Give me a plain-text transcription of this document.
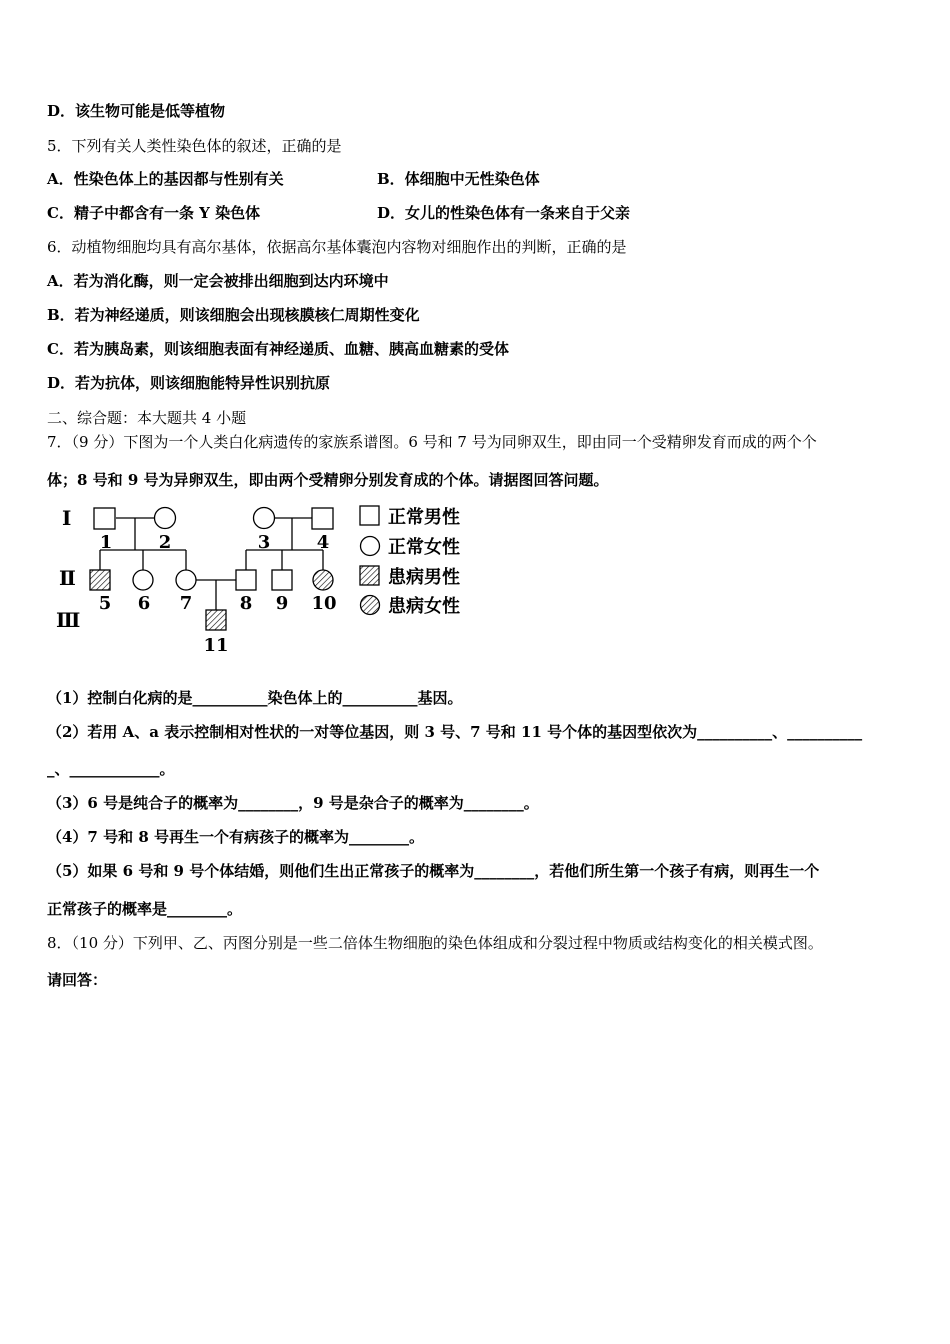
D．该生物可能是低等植物
5．下列有关人类性染色体的叙述，正确的是
A．性染色体上的基因都与性别有关	B．体细胞中无性染色体
C．精子中都含有一条 Y 染色体	D．女儿的性染色体有一条来自于父亲
6．动植物细胞均具有高尔基体，依据高尔基体囊泡内容物对细胞作出的判断，正确的是
A．若为消化酶，则一定会被排出细胞到达内环境中
B．若为神经递质，则该细胞会出现核膜核仁周期性变化
C．若为胰岛素，则该细胞表面有神经递质、血糖、胰高血糖素的受体
D．若为抗体，则该细胞能特异性识别抗原
二、综合题：本大题共 4 小题
7．（9 分）下图为一个人类白化病遗传的家族系谱图。6 号和 7 号为同卵双生，即由同一个受精卵发育而成的两个个
体；8 号和 9 号为异卵双生，即由两个受精卵分别发育成的个体。请据图回答问题。
Ⅰ
Ⅱ
Ⅲ
1	2	3	4
5 6 7	8 9 10
11
正常男性
正常女性
患病男性
患病女性
（1）控制白化病的是__________染色体上的__________基因。
（2）若用 A、a 表示控制相对性状的一对等位基因，则 3 号、7 号和 11 号个体的基因型依次为__________、__________
_、____________。
（3）6 号是纯合子的概率为________，9 号是杂合子的概率为________。
（4）7 号和 8 号再生一个有病孩子的概率为________。
（5）如果 6 号和 9 号个体结婚，则他们生出正常孩子的概率为________，若他们所生第一个孩子有病，则再生一个
正常孩子的概率是________。
8．（10 分）下列甲、乙、丙图分别是一些二倍体生物细胞的染色体组成和分裂过程中物质或结构变化的相关模式图。
请回答：
